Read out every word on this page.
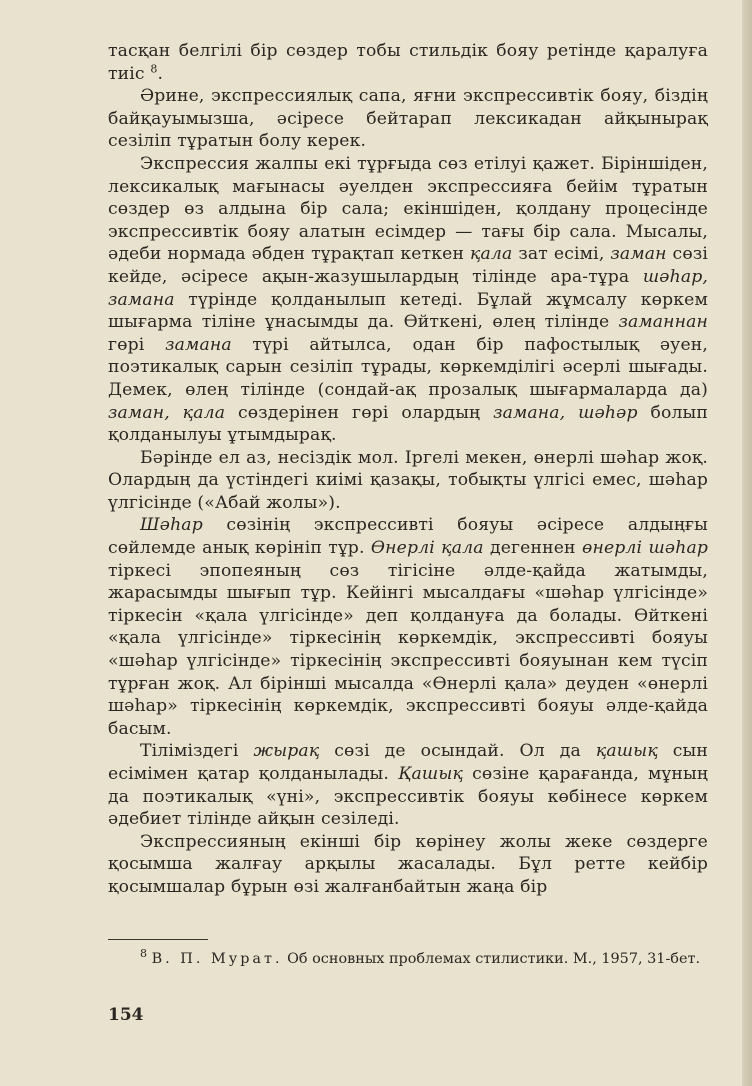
тасқан белгілі бір сөздер тобы стильдік бояу ретінде қаралуға тиіс $^8$.

Әрине, экспрессиялық сапа, яғни экспрессивтік бояу, біздің байқауымызша, әсіресе бейтарап лексикадан айқынырақ сезіліп тұратын болу керек.

Экспрессия жалпы екі тұрғыда сөз етілуі қажет. Біріншіден, лексикалық мағынасы әуелден экспрессияға бейім тұратын сөздер өз алдына бір сала; екіншіден, қолдану процесінде экспрессивтік бояу алатын есімдер — тағы бір сала. Мысалы, әдеби нормада әбден тұрақтап кеткен қала зат есімі, заман сөзі кейде, әсіресе ақын-жазушылардың тілінде ара-тұра шәһар, замана түрінде қолданылып кетеді. Бұлай жұмсалу көркем шығарма тіліне ұнасымды да. Өйткені, өлең тілінде заманнан гөрі замана түрі айтылса, одан бір пафостылық әуен, поэтикалық сарын сезіліп тұрады, көркемділігі әсерлі шығады. Демек, өлең тілінде (сондай-ақ прозалық шығармаларда да) заман, қала сөздерінен гөрі олардың замана, шәһәр болып қолданылуы ұтымдырақ.

Бәрінде ел аз, несіздік мол. Іргелі мекен, өнерлі шәһар жоқ. Олардың да үстіндегі киімі қазақы, тобықты үлгісі емес, шәһар үлгісінде («Абай жолы»).

Шәһар сөзінің экспрессивті бояуы әсіресе алдыңғы сөйлемде анық көрініп тұр. Өнерлі қала дегеннен өнерлі шәһар тіркесі эпопеяның сөз тігісіне әлде-қайда жатымды, жарасымды шығып тұр. Кейінгі мысалдағы «шәһар үлгісінде» тіркесін «қала үлгісінде» деп қолдануға да болады. Өйткені «қала үлгісінде» тіркесінің көркемдік, экспрессивті бояуы «шәһар үлгісінде» тіркесінің экспрессивті бояуынан кем түсіп тұрған жоқ. Ал бірінші мысалда «Өнерлі қала» деуден «өнерлі шәһар» тіркесінің көркемдік, экспрессивті бояуы әлде-қайда басым.

Тіліміздегі жырақ сөзі де осындай. Ол да қашық сын есімімен қатар қолданылады. Қашық сөзіне қарағанда, мұның да поэтикалық «үні», экспрессивтік бояуы көбінесе көркем әдебиет тілінде айқын сезіледі.

Экспрессияның екінші бір көрінеу жолы жеке сөздерге қосымша жалғау арқылы жасалады. Бұл ретте кейбір қосымшалар бұрын өзі жалғанбайтын жаңа бір

$^8$ В. П. Мурат. Об основных проблемах стилистики. М., 1957, 31-бет.
154
